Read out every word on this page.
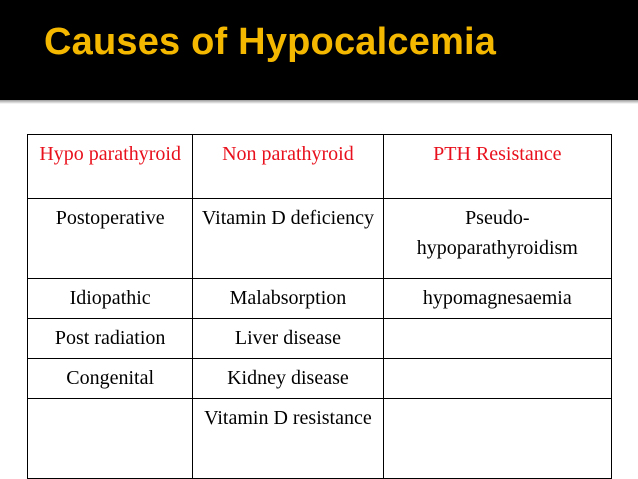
Causes of Hypocalcemia
Hypo parathyroid	Non parathyroid	PTH Resistance
Postoperative	Vitamin D deficiency	Pseudo-hypoparathyroidism
Idiopathic	Malabsorption	hypomagnesaemia
Post radiation	Liver disease	
Congenital	Kidney disease	
	Vitamin D resistance	
